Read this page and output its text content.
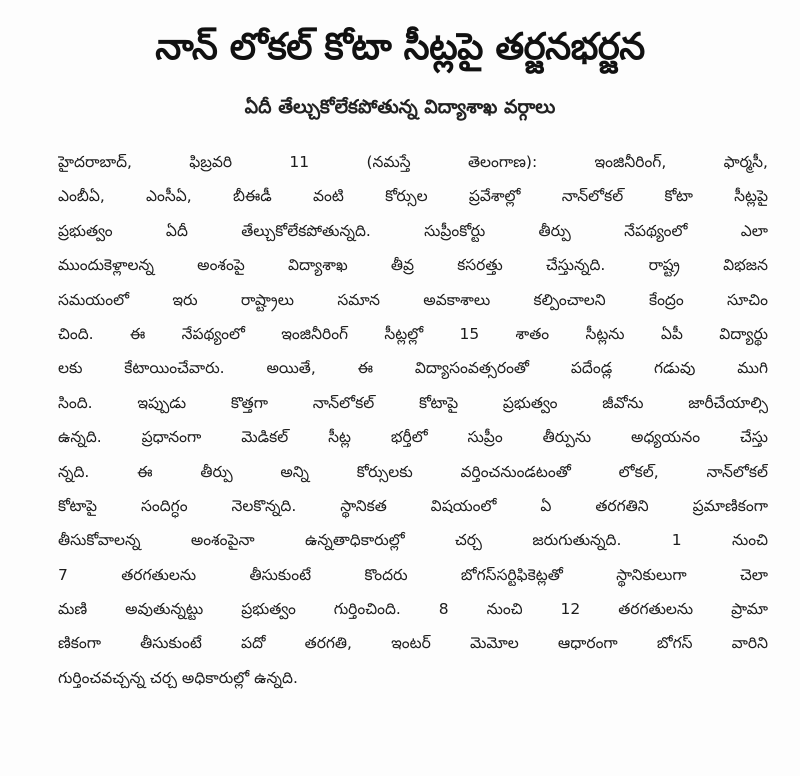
నాన్ లోకల్ కోటా సీట్లపై తర్జనభర్జన
ఏదీ తేల్చుకోలేకపోతున్న విద్యాశాఖ వర్గాలు
హైదరాబాద్, ఫిబ్రవరి 11 (నమస్తే తెలంగాణ): ఇంజినీరింగ్, ఫార్మసీ,
ఎంబీఏ, ఎంసీఏ, బీఈడీ వంటి కోర్సుల ప్రవేశాల్లో నాన్‌లోకల్ కోటా సీట్లపై
ప్రభుత్వం ఏదీ తేల్చుకోలేకపోతున్నది. సుప్రీంకోర్టు తీర్పు నేపథ్యంలో ఎలా
ముందుకెళ్లాలన్న అంశంపై విద్యాశాఖ తీవ్ర కసరత్తు చేస్తున్నది. రాష్ట్ర విభజన
సమయంలో ఇరు రాష్ట్రాలు సమాన అవకాశాలు కల్పించాలని కేంద్రం సూచిం
చింది. ఈ నేపథ్యంలో ఇంజినీరింగ్ సీట్లల్లో 15 శాతం సీట్లను ఏపీ విద్యార్థు
లకు కేటాయించేవారు. అయితే, ఈ విద్యాసంవత్సరంతో పదేండ్ల గడువు ముగి
సింది. ఇప్పుడు కొత్తగా నాన్‌లోకల్ కోటాపై ప్రభుత్వం జీవోను జారీచేయాల్సి
ఉన్నది. ప్రధానంగా మెడికల్ సీట్ల భర్తీలో సుప్రీం తీర్పును అధ్యయనం చేస్తు
న్నది. ఈ తీర్పు అన్ని కోర్సులకు వర్తించనుండటంతో లోకల్, నాన్‌లోకల్
కోటాపై సందిగ్ధం నెలకొన్నది. స్థానికత విషయంలో ఏ తరగతిని ప్రమాణికంగా
తీసుకోవాలన్న అంశంపైనా ఉన్నతాధికారుల్లో చర్చ జరుగుతున్నది. 1 నుంచి
7 తరగతులను తీసుకుంటే కొందరు బోగస్‌సర్టిఫికెట్లతో స్థానికులుగా చెలా
మణి అవుతున్నట్టు ప్రభుత్వం గుర్తించింది. 8 నుంచి 12 తరగతులను ప్రామా
ణికంగా తీసుకుంటే పదో తరగతి, ఇంటర్ మెమోల ఆధారంగా బోగస్ వారిని
గుర్తించవచ్చన్న చర్చ అధికారుల్లో ఉన్నది.
